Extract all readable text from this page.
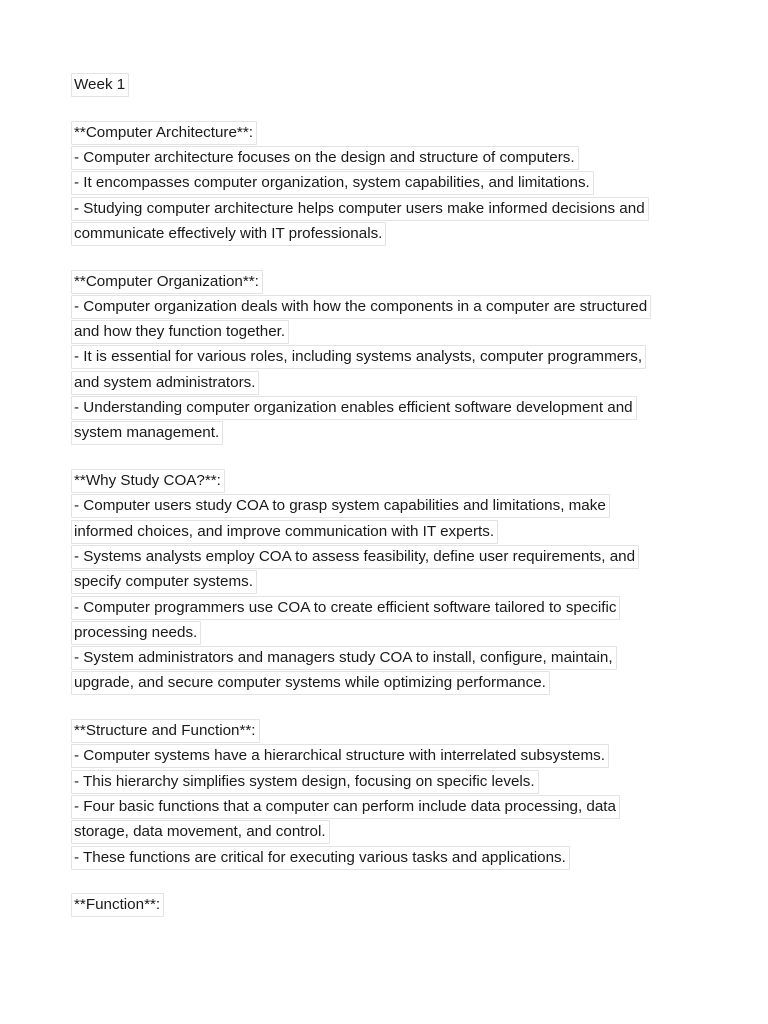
Week 1
**Computer Architecture**:
- Computer architecture focuses on the design and structure of computers.
- It encompasses computer organization, system capabilities, and limitations.
- Studying computer architecture helps computer users make informed decisions and
communicate effectively with IT professionals.
**Computer Organization**:
- Computer organization deals with how the components in a computer are structured
and how they function together.
- It is essential for various roles, including systems analysts, computer programmers,
and system administrators.
- Understanding computer organization enables efficient software development and
system management.
**Why Study COA?**:
- Computer users study COA to grasp system capabilities and limitations, make
informed choices, and improve communication with IT experts.
- Systems analysts employ COA to assess feasibility, define user requirements, and
specify computer systems.
- Computer programmers use COA to create efficient software tailored to specific
processing needs.
- System administrators and managers study COA to install, configure, maintain,
upgrade, and secure computer systems while optimizing performance.
**Structure and Function**:
- Computer systems have a hierarchical structure with interrelated subsystems.
- This hierarchy simplifies system design, focusing on specific levels.
- Four basic functions that a computer can perform include data processing, data
storage, data movement, and control.
- These functions are critical for executing various tasks and applications.
**Function**:
